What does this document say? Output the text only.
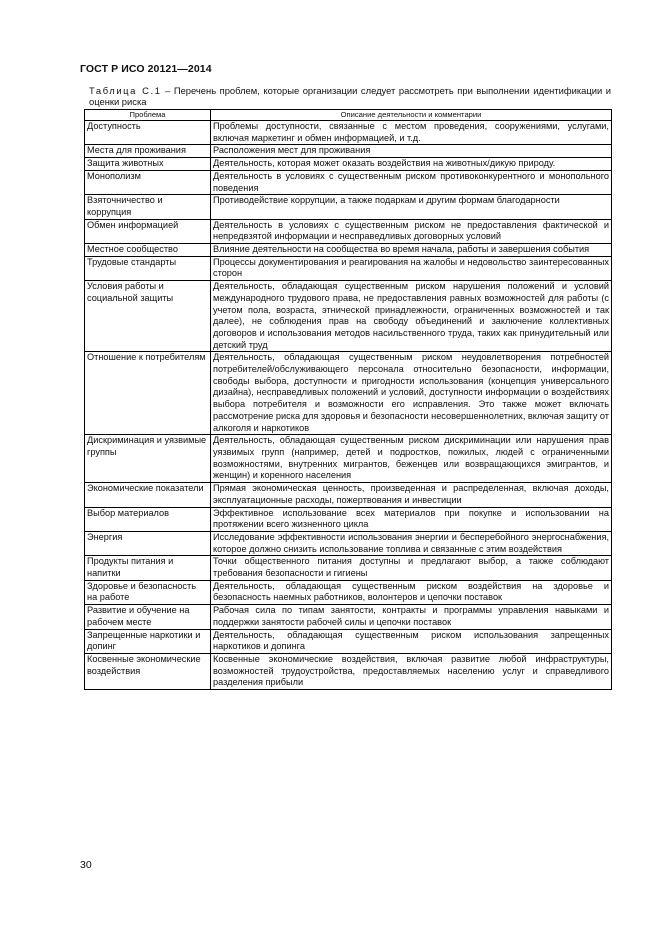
ГОСТ Р ИСО 20121—2014
Таблица С.1 – Перечень проблем, которые организации следует рассмотреть при выполнении идентификации и оценки риска
Проблема	Описание деятельности и комментарии
Доступность	Проблемы доступности, связанные с местом проведения, сооружениями, услугами, включая маркетинг и обмен информацией, и т.д.
Места для проживания	Расположения мест для проживания
Защита животных	Деятельность, которая может оказать воздействия на животных/дикую природу.
Монополизм	Деятельность в условиях с существенным риском противоконкурентного и монопольного поведения
Взяточничество и коррупция	Противодействие коррупции, а также подаркам и другим формам благодарности
Обмен информацией	Деятельность в условиях с существенным риском не предоставления фактической и непредвзятой информации и несправедливых договорных условий
Местное сообщество	Влияние деятельности на сообщества во время начала, работы и завершения события
Трудовые стандарты	Процессы документирования и реагирования на жалобы и недовольство заинтересованных сторон
Условия работы и социальной защиты	Деятельность, обладающая существенным риском нарушения положений и условий международного трудового права, не предоставления равных возможностей для работы (с учетом пола, возраста, этнической принадлежности, ограниченных возможностей и так далее), не соблюдения прав на свободу объединений и заключение коллективных договоров и использования методов насильственного труда, таких как принудительный или детский труд
Отношение к потребителям	Деятельность, обладающая существенным риском неудовлетворения потребностей потребителей/обслуживающего персонала относительно безопасности, информации, свободы выбора, доступности и пригодности использования (концепция универсального дизайна), несправедливых положений и условий, доступности информации о воздействиях выбора потребителя и возможности его исправления. Это также может включать рассмотрение риска для здоровья и безопасности несовершеннолетних, включая защиту от алкоголя и наркотиков
Дискриминация и уязвимые группы	Деятельность, обладающая существенным риском дискриминации или нарушения прав уязвимых групп (например, детей и подростков, пожилых, людей с ограниченными возможностями, внутренних мигрантов, беженцев или возвращающихся эмигрантов, и женщин) и коренного населения
Экономические показатели	Прямая экономическая ценность, произведенная и распределенная, включая доходы, эксплуатационные расходы, пожертвования и инвестиции
Выбор материалов	Эффективное использование всех материалов при покупке и использовании на протяжении всего жизненного цикла
Энергия	Исследование эффективности использования энергии и бесперебойного энергоснабжения, которое должно снизить использование топлива и связанные с этим воздействия
Продукты питания и напитки	Точки общественного питания доступны и предлагают выбор, а также соблюдают требования безопасности и гигиены
Здоровье и безопасность на работе	Деятельность, обладающая существенным риском воздействия на здоровье и безопасность наемных работников, волонтеров и цепочки поставок
Развитие и обучение на рабочем месте	Рабочая сила по типам занятости, контракты и программы управления навыками и поддержки занятости рабочей силы и цепочки поставок
Запрещенные наркотики и допинг	Деятельность, обладающая существенным риском использования запрещенных наркотиков и допинга
Косвенные экономические воздействия	Косвенные экономические воздействия, включая развитие любой инфраструктуры, возможностей трудоустройства, предоставляемых населению услуг и справедливого разделения прибыли
30
